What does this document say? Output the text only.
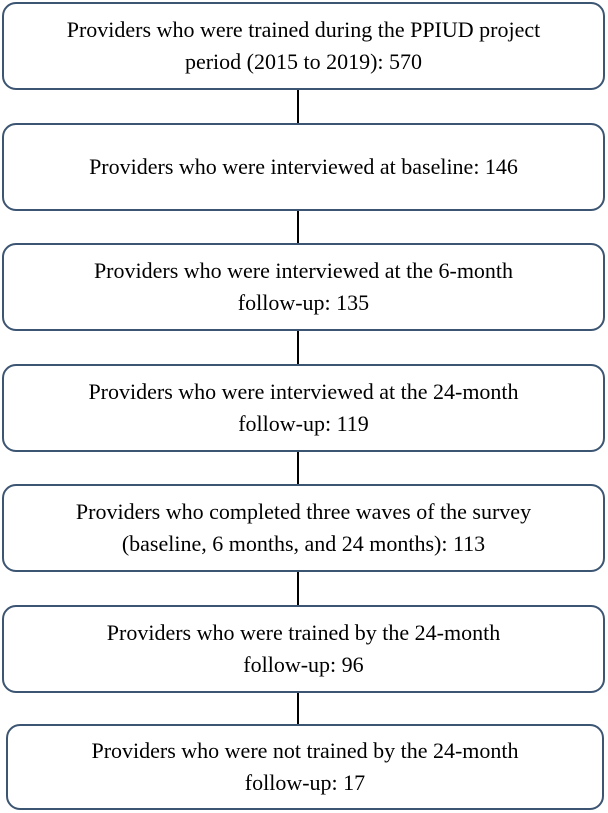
Providers who were trained during the PPIUD project
period (2015 to 2019): 570
Providers who were interviewed at baseline: 146
Providers who were interviewed at the 6-month
follow-up: 135
Providers who were interviewed at the 24-month
follow-up: 119
Providers who completed three waves of the survey
(baseline, 6 months, and 24 months): 113
Providers who were trained by the 24-month
follow-up: 96
Providers who were not trained by the 24-month
follow-up: 17
